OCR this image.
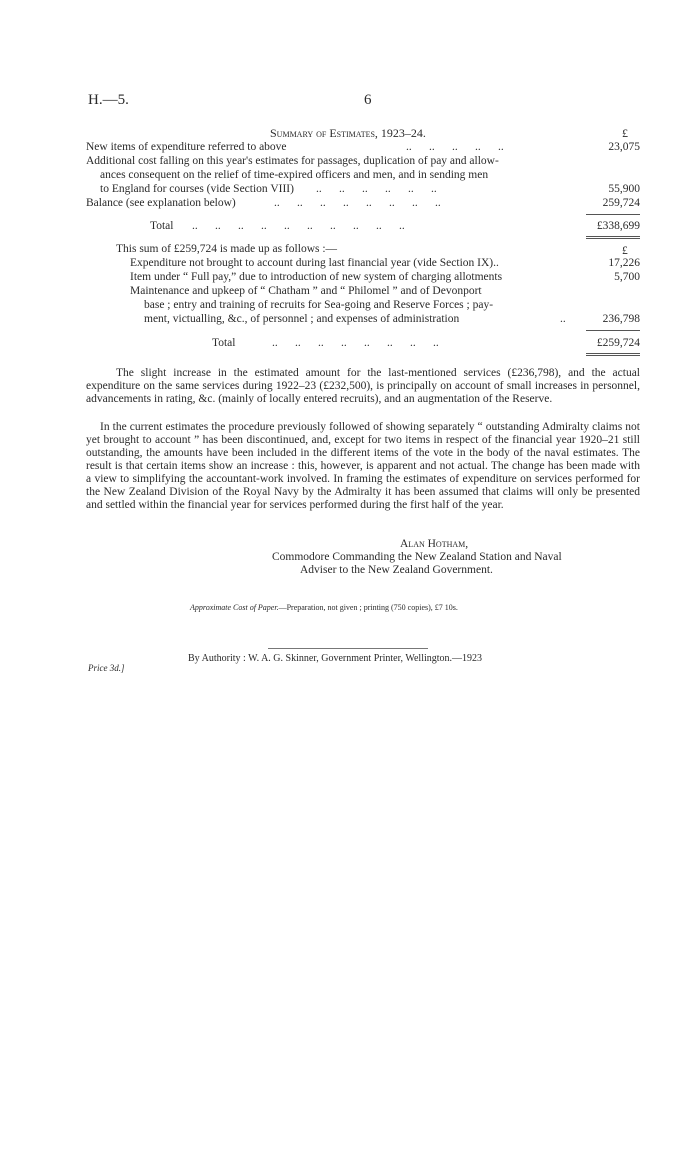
H.—5.	6
Summary of Estimates, 1923–24.	£
New items of expenditure referred to above	..      ..      ..      ..      ..	23,075
Additional cost falling on this year's estimates for passages, duplication of pay and allow-
ances consequent on the relief of time-expired officers and men, and in sending men
to England for courses (vide Section VIII) ..      ..      ..      ..      ..      ..	55,900
Balance (see explanation below)	..      ..      ..      ..      ..      ..      ..      ..	259,724
Total ..      ..      ..      ..      ..      ..      ..      ..      ..      ..	£338,699
This sum of £259,724 is made up as follows :—	£
Expenditure not brought to account during last financial year (vide Section IX)..	17,226
Item under “ Full pay,” due to introduction of new system of charging allotments	5,700
Maintenance and upkeep of “ Chatham ” and “ Philomel ” and of Devonport
base ; entry and training of recruits for Sea-going and Reserve Forces ; pay-
ment, victualling, &c., of personnel ; and expenses of administration	..	236,798
Total	..      ..      ..      ..      ..      ..      ..      ..	£259,724
The slight increase in the estimated amount for the last-mentioned services (£236,798), and the actual expenditure on the same services during 1922–23 (£232,500), is principally on account of small increases in personnel, advancements in rating, &c. (mainly of locally entered recruits), and an augmentation of the Reserve.
In the current estimates the procedure previously followed of showing separately “ outstanding Admiralty claims not yet brought to account ” has been discontinued, and, except for two items in respect of the financial year 1920–21 still outstanding, the amounts have been included in the different items of the vote in the body of the naval estimates. The result is that certain items show an increase : this, however, is apparent and not actual. The change has been made with a view to simplifying the accountant-work involved. In framing the estimates of expenditure on services performed for the New Zealand Division of the Royal Navy by the Admiralty it has been assumed that claims will only be presented and settled within the financial year for services performed during the first half of the year.
Alan Hotham,
Commodore Commanding the New Zealand Station and Naval
Adviser to the New Zealand Government.
Approximate Cost of Paper.—Preparation, not given ; printing (750 copies), £7 10s.
By Authority : W. A. G. Skinner, Government Printer, Wellington.—1923
Price 3d.]
